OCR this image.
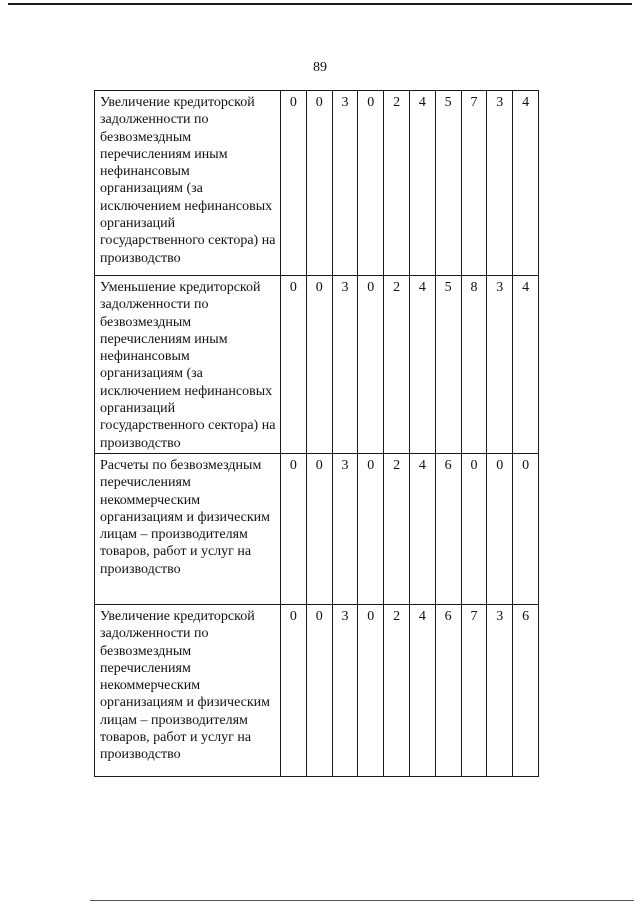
89
Увеличение кредиторской задолженности по безвозмездным перечислениям иным нефинансовым организациям (за исключением нефинансовых организаций государственного сектора) на производство	0	0	3	0	2	4	5	7	3	4
Уменьшение кредиторской задолженности по безвозмездным перечислениям иным нефинансовым организациям (за исключением нефинансовых организаций государственного сектора) на производство	0	0	3	0	2	4	5	8	3	4
Расчеты по безвозмездным перечислениям некоммерческим организациям и физическим лицам – производителям товаров, работ и услуг на производство	0	0	3	0	2	4	6	0	0	0
Увеличение кредиторской задолженности по безвозмездным перечислениям некоммерческим организациям и физическим лицам – производителям товаров, работ и услуг на производство	0	0	3	0	2	4	6	7	3	6
